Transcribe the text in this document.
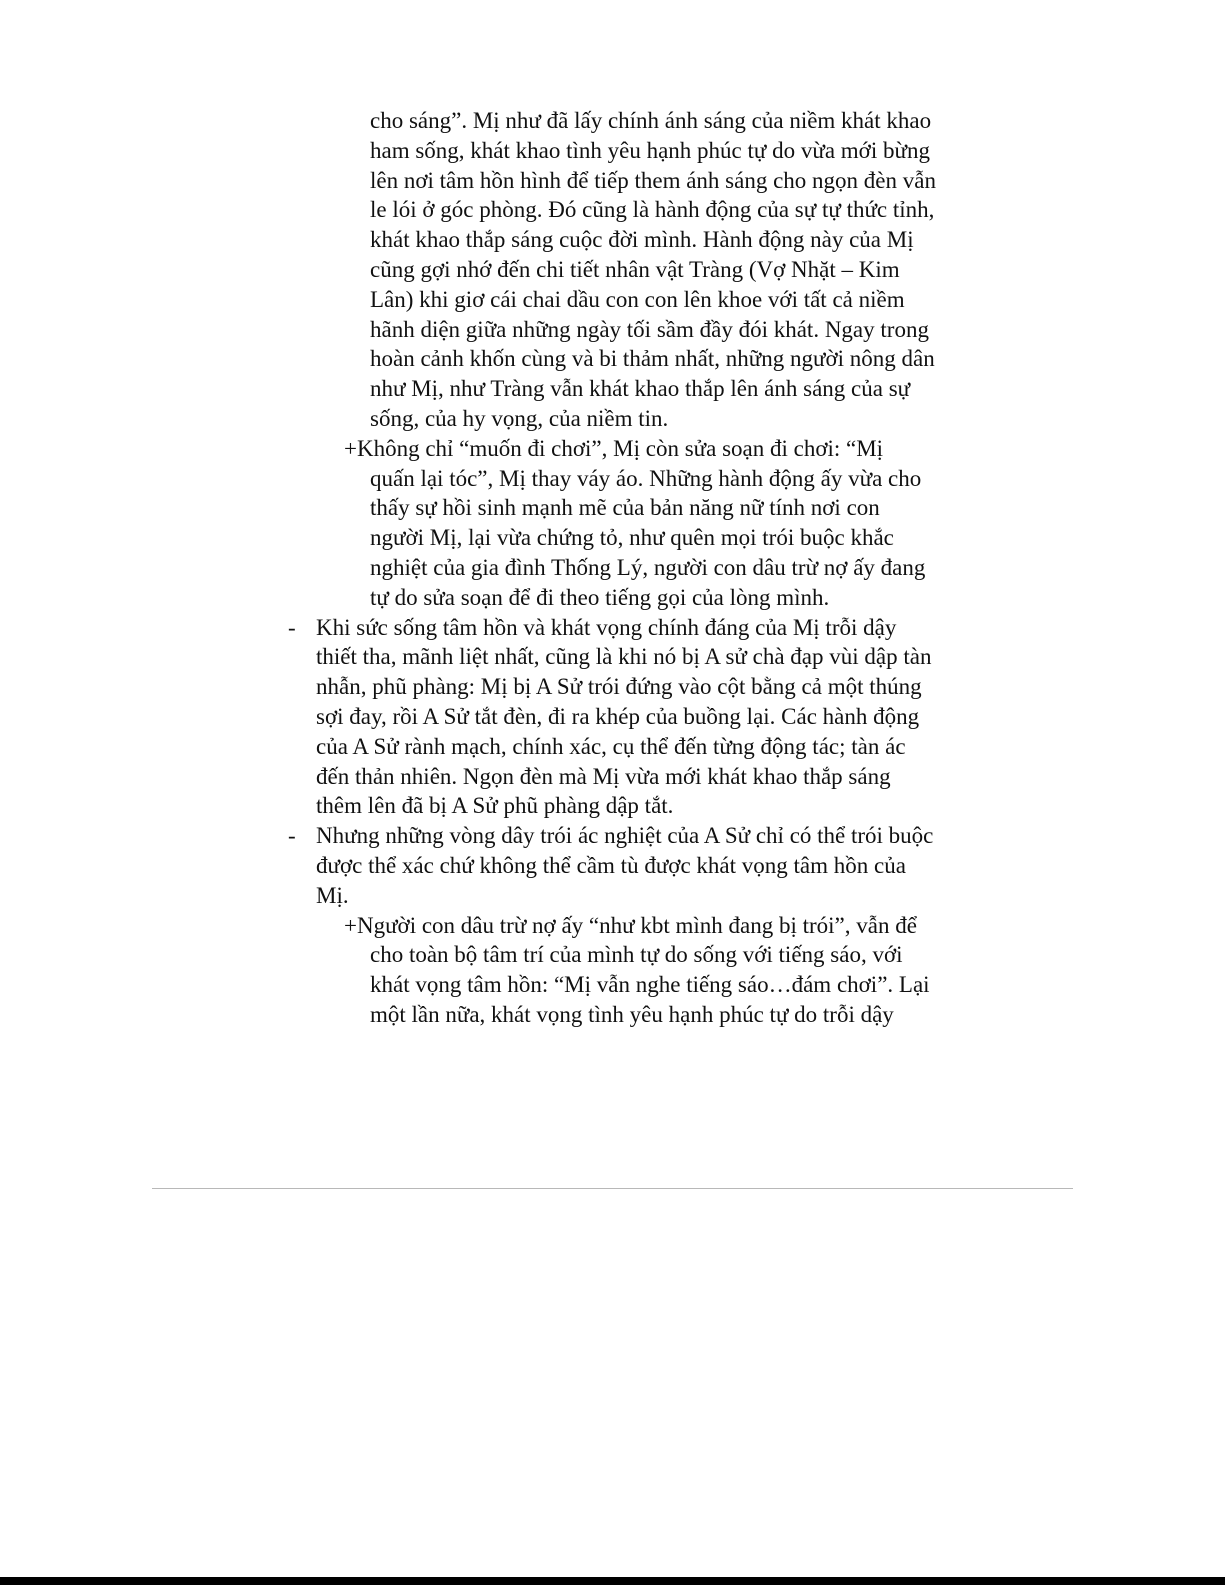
cho sáng”. Mị như đã lấy chính ánh sáng của niềm khát khao
ham sống, khát khao tình yêu hạnh phúc tự do vừa mới bừng
lên nơi tâm hồn hình để tiếp them ánh sáng cho ngọn đèn vẫn
le lói ở góc phòng. Đó cũng là hành động của sự tự thức tỉnh,
khát khao thắp sáng cuộc đời mình. Hành động này của Mị
cũng gợi nhớ đến chi tiết nhân vật Tràng (Vợ Nhặt – Kim
Lân) khi giơ cái chai dầu con con lên khoe với tất cả niềm
hãnh diện giữa những ngày tối sầm đầy đói khát. Ngay trong
hoàn cảnh khốn cùng và bi thảm nhất, những người nông dân
như Mị, như Tràng vẫn khát khao thắp lên ánh sáng của sự
sống, của hy vọng, của niềm tin.
+Không chỉ “muốn đi chơi”, Mị còn sửa soạn đi chơi: “Mị
quấn lại tóc”, Mị thay váy áo. Những hành động ấy vừa cho
thấy sự hồi sinh mạnh mẽ của bản năng nữ tính nơi con
người Mị, lại vừa chứng tỏ, như quên mọi trói buộc khắc
nghiệt của gia đình Thống Lý, người con dâu trừ nợ ấy đang
tự do sửa soạn để đi theo tiếng gọi của lòng mình.
- Khi sức sống tâm hồn và khát vọng chính đáng của Mị trỗi dậy
thiết tha, mãnh liệt nhất, cũng là khi nó bị A sử chà đạp vùi dập tàn
nhẫn, phũ phàng: Mị bị A Sử trói đứng vào cột bằng cả một thúng
sợi đay, rồi A Sử tắt đèn, đi ra khép của buồng lại. Các hành động
của A Sử rành mạch, chính xác, cụ thể đến từng động tác; tàn ác
đến thản nhiên. Ngọn đèn mà Mị vừa mới khát khao thắp sáng
thêm lên đã bị A Sử phũ phàng dập tắt.
- Nhưng những vòng dây trói ác nghiệt của A Sử chỉ có thể trói buộc
được thể xác chứ không thể cầm tù được khát vọng tâm hồn của
Mị.
+Người con dâu trừ nợ ấy “như kbt mình đang bị trói”, vẫn để
cho toàn bộ tâm trí của mình tự do sống với tiếng sáo, với
khát vọng tâm hồn: “Mị vẫn nghe tiếng sáo…đám chơi”. Lại
một lần nữa, khát vọng tình yêu hạnh phúc tự do trỗi dậy
